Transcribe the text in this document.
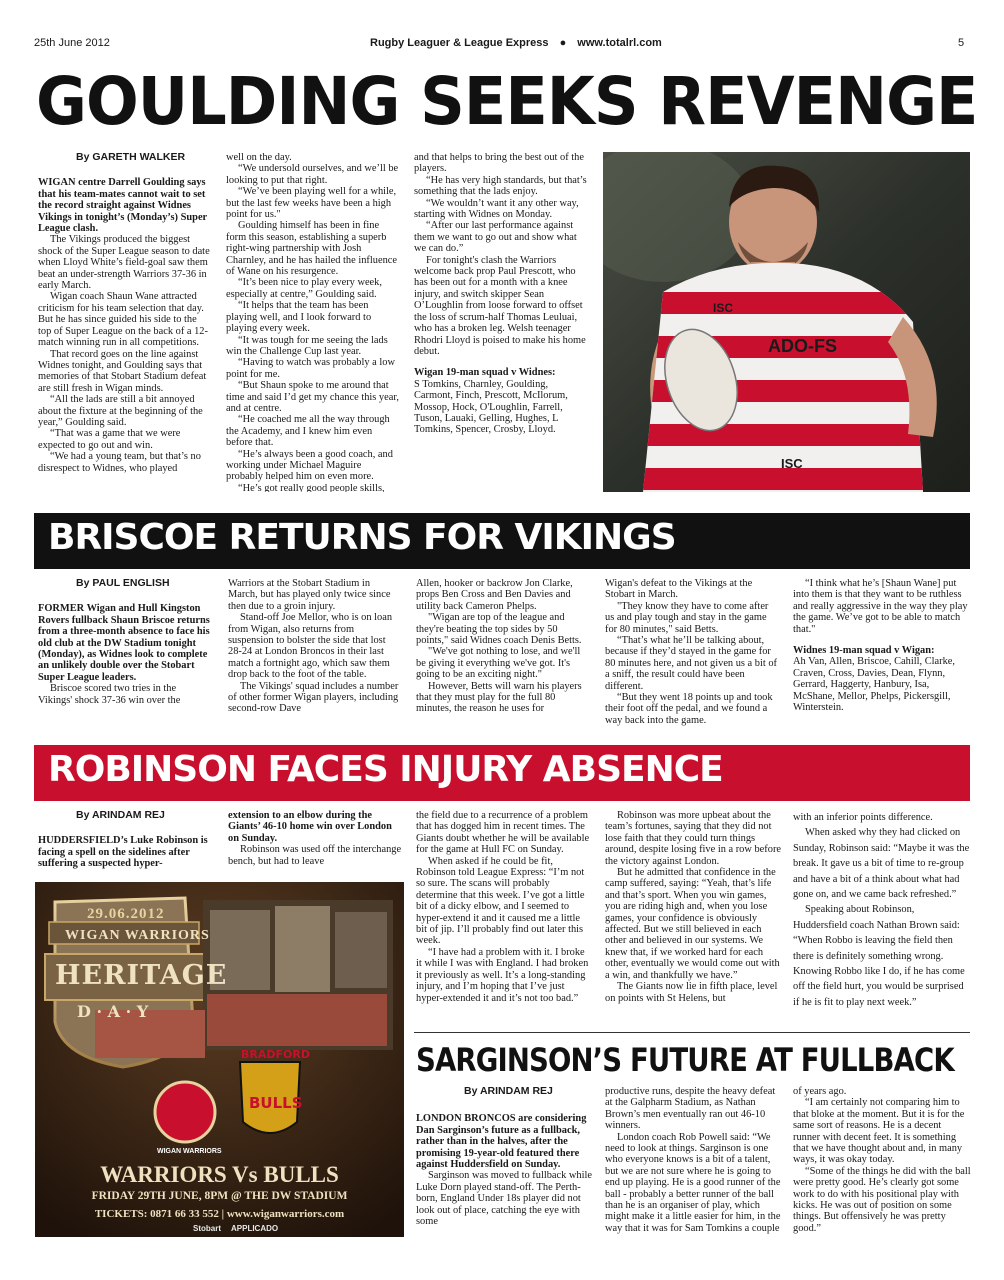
25th June 2012	Rugby Leaguer & League Express ● www.totalrl.com	5
GOULDING SEEKS REVENGE

By GARETH WALKER

WIGAN centre Darrell Goulding says that his team-mates cannot wait to set the record straight against Widnes Vikings in tonight’s (Monday’s) Super League clash.

The Vikings produced the biggest shock of the Super League season to date when Lloyd White’s field-goal saw them beat an under-strength Warriors 37-36 in early March.

Wigan coach Shaun Wane attracted criticism for his team selection that day. But he has since guided his side to the top of Super League on the back of a 12-match winning run in all competitions.

That record goes on the line against Widnes tonight, and Goulding says that memories of that Stobart Stadium defeat are still fresh in Wigan minds.

“All the lads are still a bit annoyed about the fixture at the beginning of the year,” Goulding said.

“That was a game that we were expected to go out and win.

“We had a young team, but that’s no disrespect to Widnes, who played

well on the day.

“We undersold ourselves, and we’ll be looking to put that right.

“We’ve been playing well for a while, but the last few weeks have been a high point for us."

Goulding himself has been in fine form this season, establishing a superb right-wing partnership with Josh Charnley, and he has hailed the influence of Wane on his resurgence.

“It’s been nice to play every week, especially at centre,” Goulding said.

“It helps that the team has been playing well, and I look forward to playing every week.

“It was tough for me seeing the lads win the Challenge Cup last year.

“Having to watch was probably a low point for me.

“But Shaun spoke to me around that time and said I’d get my chance this year, and at centre.

“He coached me all the way through the Academy, and I knew him even before that.

“He’s always been a good coach, and working under Michael Maguire probably helped him on even more.

“He’s got really good people skills,

and that helps to bring the best out of the players.

“He has very high standards, but that’s something that the lads enjoy.

“We wouldn’t want it any other way, starting with Widnes on Monday.

“After our last performance against them we want to go out and show what we can do.”

For tonight's clash the Warriors welcome back prop Paul Prescott, who has been out for a month with a knee injury, and switch skipper Sean O’Loughlin from loose forward to offset the loss of scrum-half Thomas Leuluai, who has a broken leg. Welsh teenager Rhodri Lloyd is poised to make his home debut.

Wigan 19-man squad v Widnes:

S Tomkins, Charnley, Goulding, Carmont, Finch, Prescott, McIlorum, Mossop, Hock, O'Loughlin, Farrell, Tuson, Lauaki, Gelling, Hughes, L Tomkins, Spencer, Crosby, Lloyd.

ADO-FS
ISC
ISC
BRISCOE RETURNS FOR VIKINGS

By PAUL ENGLISH

FORMER Wigan and Hull Kingston Rovers fullback Shaun Briscoe returns from a three-month absence to face his old club at the DW Stadium tonight (Monday), as Widnes look to complete an unlikely double over the Stobart Super League leaders.

Briscoe scored two tries in the Vikings' shock 37-36 win over the

Warriors at the Stobart Stadium in March, but has played only twice since then due to a groin injury.

Stand-off Joe Mellor, who is on loan from Wigan, also returns from suspension to bolster the side that lost 28-24 at London Broncos in their last match a fortnight ago, which saw them drop back to the foot of the table.

The Vikings' squad includes a number of other former Wigan players, including second-row Dave

Allen, hooker or backrow Jon Clarke, props Ben Cross and Ben Davies and utility back Cameron Phelps.

"Wigan are top of the league and they're beating the top sides by 50 points," said Widnes coach Denis Betts.

"We've got nothing to lose, and we'll be giving it everything we've got. It's going to be an exciting night."

However, Betts will warn his players that they must play for the full 80 minutes, the reason he uses for

Wigan's defeat to the Vikings at the Stobart in March.

"They know they have to come after us and play tough and stay in the game for 80 minutes," said Betts.

“That’s what he’ll be talking about, because if they’d stayed in the game for 80 minutes here, and not given us a bit of a sniff, the result could have been different.

“But they went 18 points up and took their foot off the pedal, and we found a way back into the game.

“I think what he’s [Shaun Wane] put into them is that they want to be ruthless and really aggressive in the way they play the game. We’ve got to be able to match that."

Widnes 19-man squad v Wigan:

Ah Van, Allen, Briscoe, Cahill, Clarke, Craven, Cross, Davies, Dean, Flynn, Gerrard, Haggerty, Hanbury, Isa, McShane, Mellor, Phelps, Pickersgill, Winterstein.

ROBINSON FACES INJURY ABSENCE

By ARINDAM REJ

HUDDERSFIELD’s Luke Robinson is facing a spell on the sidelines after suffering a suspected hyper-

extension to an elbow during the Giants’ 46-10 home win over London on Sunday.

Robinson was used off the interchange bench, but had to leave

the field due to a recurrence of a problem that has dogged him in recent times. The Giants doubt whether he will be available for the game at Hull FC on Sunday.

When asked if he could be fit, Robinson told League Express: “I’m not so sure. The scans will probably determine that this week. I’ve got a little bit of a dicky elbow, and I seemed to hyper-extend it and it caused me a little bit of jip. I’ll probably find out later this week.

“I have had a problem with it. I broke it while I was with England. I had broken it previously as well. It’s a long-standing injury, and I’m hoping that I’ve just hyper-extended it and it’s not too bad.”

Robinson was more upbeat about the team’s fortunes, saying that they did not lose faith that they could turn things around, despite losing five in a row before the victory against London.

But he admitted that confidence in the camp suffered, saying: “Yeah, that’s life and that’s sport. When you win games, you are riding high and, when you lose games, your confidence is obviously affected. But we still believed in each other and believed in our systems. We knew that, if we worked hard for each other, eventually we would come out with a win, and thankfully we have.”

The Giants now lie in fifth place, level on points with St Helens, but

with an inferior points difference.

When asked why they had clicked on Sunday, Robinson said: “Maybe it was the break. It gave us a bit of time to re-group and have a bit of a think about what had gone on, and we came back refreshed.”

Speaking about Robinson, Huddersfield coach Nathan Brown said: “When Robbo is leaving the field then there is definitely something wrong. Knowing Robbo like I do, if he has come off the field hurt, you would be surprised if he is fit to play next week.”

29.06.2012
WIGAN WARRIORS
HERITAGE
D · A · Y
WIGAN WARRIORS
BRADFORD
BULLS
WARRIORS Vs BULLS
FRIDAY 29TH JUNE, 8PM @ THE DW STADIUM
TICKETS: 0871 66 33 552 | www.wiganwarriors.com
Stobart APPLICADO
SARGINSON’S FUTURE AT FULLBACK

By ARINDAM REJ

LONDON BRONCOS are considering Dan Sarginson’s future as a fullback, rather than in the halves, after the promising 19-year-old featured there against Huddersfield on Sunday.

Sarginson was moved to fullback while Luke Dorn played stand-off. The Perth-born, England Under 18s player did not look out of place, catching the eye with some

productive runs, despite the heavy defeat at the Galpharm Stadium, as Nathan Brown’s men eventually ran out 46-10 winners.

London coach Rob Powell said: “We need to look at things. Sarginson is one who everyone knows is a bit of a talent, but we are not sure where he is going to end up playing. He is a good runner of the ball - probably a better runner of the ball than he is an organiser of play, which might make it a little easier for him, in the way that it was for Sam Tomkins a couple

of years ago.

“I am certainly not comparing him to that bloke at the moment. But it is for the same sort of reasons. He is a decent runner with decent feet. It is something that we have thought about and, in many ways, it was okay today.

“Some of the things he did with the ball were pretty good. He’s clearly got some work to do with his positional play with kicks. He was out of position on some things. But offensively he was pretty good.”
